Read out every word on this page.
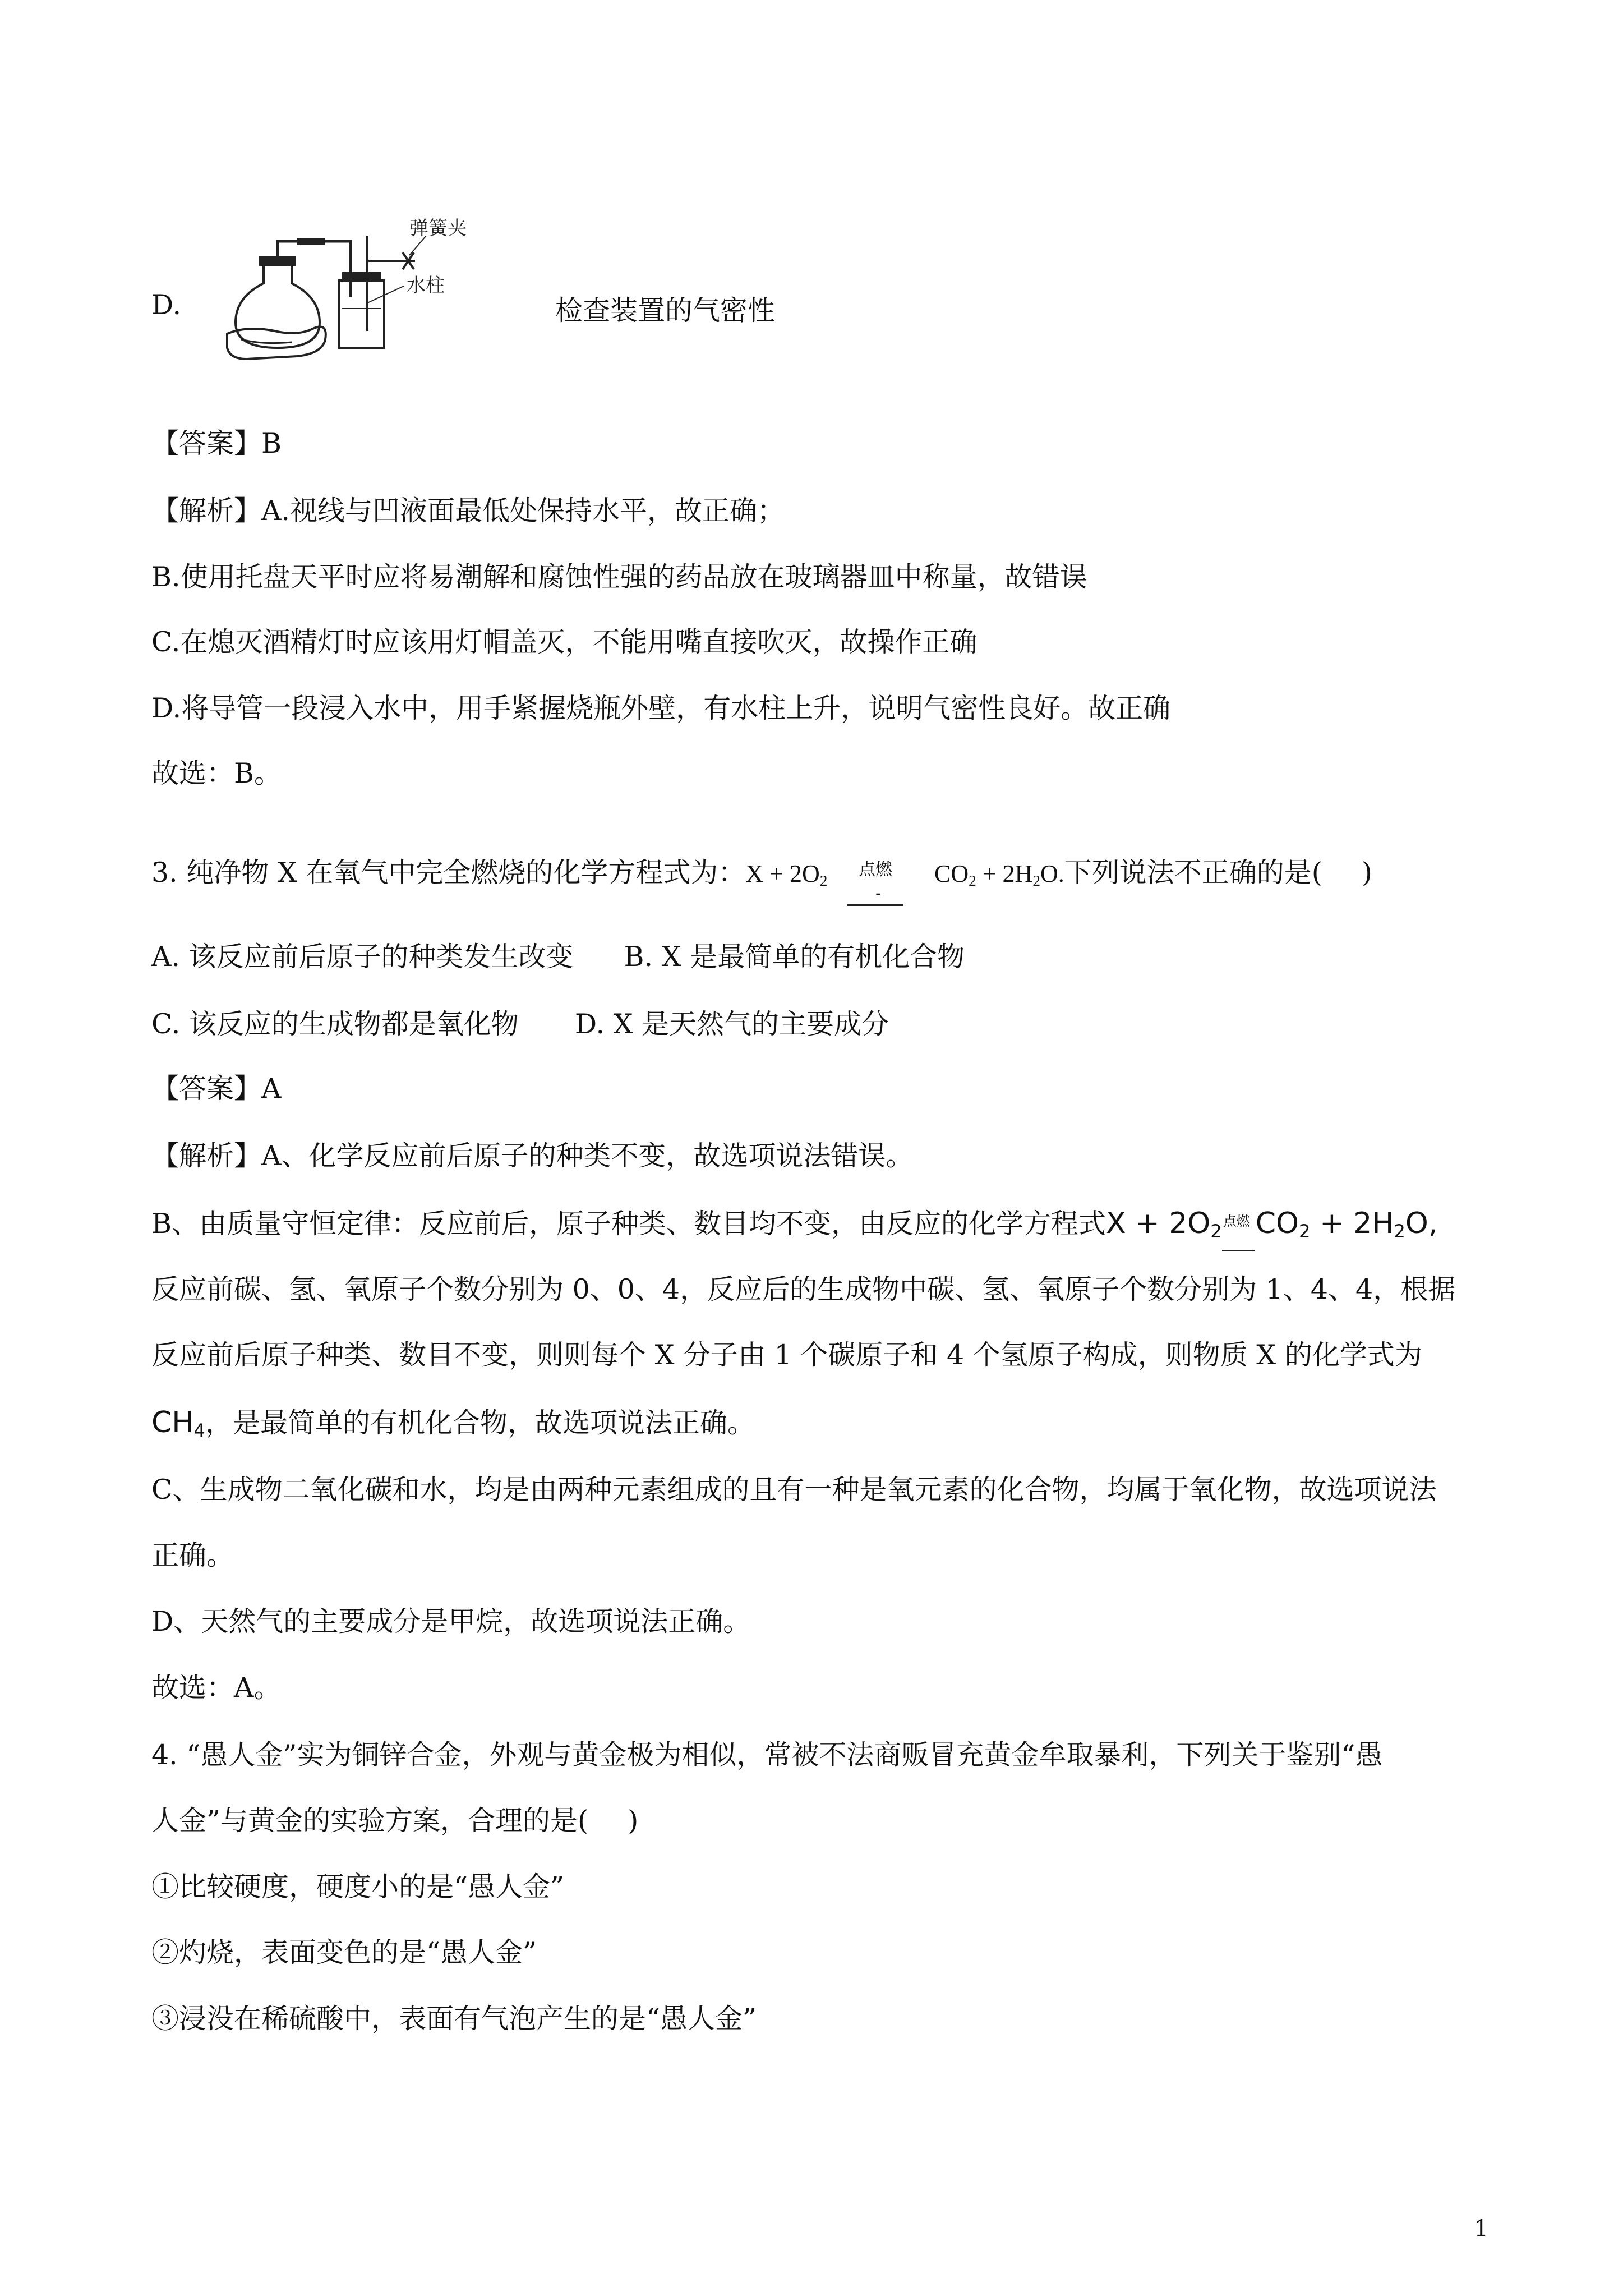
D.
弹簧夹
水柱
检查装置的气密性
【答案】B
【解析】A.视线与凹液面最低处保持水平，故正确；
B.使用托盘天平时应将易潮解和腐蚀性强的药品放在玻璃器皿中称量，故错误
C.在熄灭酒精灯时应该用灯帽盖灭，不能用嘴直接吹灭，故操作正确
D.将导管一段浸入水中，用手紧握烧瓶外壁，有水柱上升，说明气密性良好。故正确
故选：B。
3. 纯净物 X 在氧气中完全燃烧的化学方程式为：$X + 2O_2$
点燃
-
$CO_2 + 2H_2O$.下列说法不正确的是( )
A. 该反应前后原子的种类发生改变 B. X 是最简单的有机化合物
C. 该反应的生成物都是氧化物 D. X 是天然气的主要成分
【答案】A
【解析】A、化学反应前后原子的种类不变，故选项说法错误。
B、由质量守恒定律：反应前后，原子种类、数目均不变，由反应的化学方程式$X + 2O_2$ 点燃 $CO_2 + 2H_2O$,
反应前碳、氢、氧原子个数分别为 0、0、4，反应后的生成物中碳、氢、氧原子个数分别为 1、4、4，根据
反应前后原子种类、数目不变，则则每个 X 分子由 1 个碳原子和 4 个氢原子构成，则物质 X 的化学式为
$CH_4$，是最简单的有机化合物，故选项说法正确。
C、生成物二氧化碳和水，均是由两种元素组成的且有一种是氧元素的化合物，均属于氧化物，故选项说法
正确。
D、天然气的主要成分是甲烷，故选项说法正确。
故选：A。
4. “愚人金”实为铜锌合金，外观与黄金极为相似，常被不法商贩冒充黄金牟取暴利，下列关于鉴别“愚
人金”与黄金的实验方案，合理的是( )
①比较硬度，硬度小的是“愚人金”
②灼烧，表面变色的是“愚人金”
③浸没在稀硫酸中，表面有气泡产生的是“愚人金”
1
